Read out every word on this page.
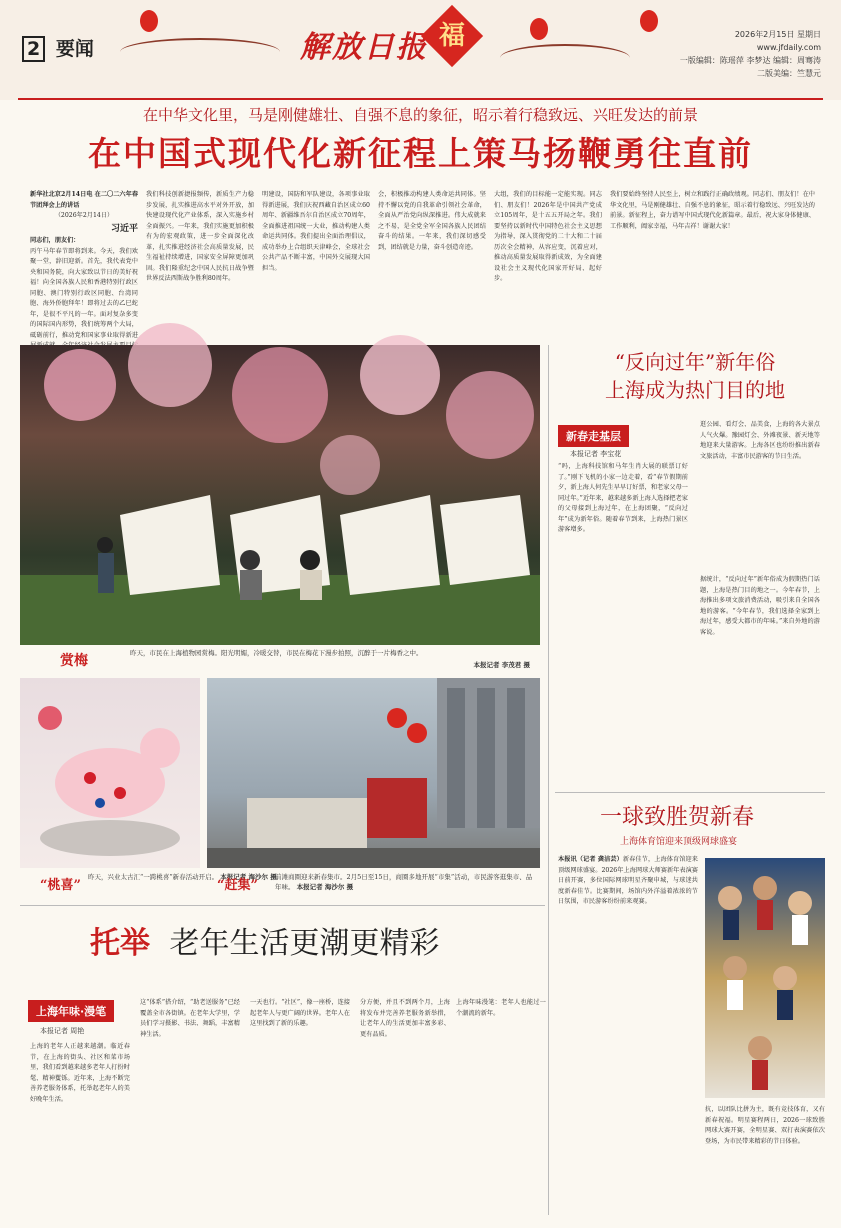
2 要闻	解放日报 福	2026年2月15日 星期日
www.jfdaily.com
一版编辑：陈瑶萍 李梦达 编辑：周骞涛
二版美编：竺慧元
在中华文化里，马是刚健雄壮、自强不息的象征，昭示着行稳致远、兴旺发达的前景
在中国式现代化新征程上策马扬鞭勇往直前
新华社北京2月14日电 在二〇二六年春节团拜会上的讲话
（2026年2月14日）
习近平
同志们，朋友们：
丙午马年春节即将到来。今天，我们欢聚一堂，辞旧迎新。首先，我代表党中央和国务院，向大家致以节日的美好祝福！向全国各族人民和香港特别行政区同胞、澳门特别行政区同胞、台湾同胞、海外侨胞拜年！即将过去的乙巳蛇年，是很不平凡的一年。面对复杂多变的国际国内形势，我们统筹两个大局，砥砺前行，推动党和国家事业取得新进
我们科技创新捷报频传，新质生产力稳步发展，扎实推进高水平对外开放，加快建设现代化产业体系，深入实施乡村全面振兴。一年来，我们实施更加积极有为的宏观政策，进一步全面深化改革，扎实推进经济社会高质量发展，民生福祉持续增进，国家安全屏障更加巩固。我们隆重纪念中国人民抗日战争暨世界反法西斯战争胜利80周年。
明建设，国防和军队建设，各项事业取得新进展，我们庆祝西藏自治区成立60周年、新疆维吾尔自治区成立70周年，全面推进祖国统一大业，推动构建人类命运共同体。我们提出全面治理倡议，成功举办上合组织天津峰会，全球社会公共产品不断丰富，中国外交展现大国担当。
会，积极推动构建人类命运共同体。坚持不懈以党的自我革命引领社会革命，全面从严治党向纵深推进。伟大成就来之不易，是全党全军全国各族人民团结奋斗的结果。一年来，我们深切感受到，团结就是力量，奋斗创造奇迹。
大组，我们的目标能一定能实现。同志们、朋友们！2026年是中国共产党成立105周年，是十五五开局之年。我们要坚持以新时代中国特色社会主义思想为指导，深入贯彻党的二十大和二十届历次全会精神，从容应变，沉着应对，推动高质量发展取得新成效，为全面建设社会主义现代化国家开好局、起好步。
我们要始终坚持人民至上，树立和践行正确政绩观。同志们、朋友们！在中华文化里，马是刚健雄壮、自强不息的象征，昭示着行稳致远、兴旺发达的前景。新征程上，奋力谱写中国式现代化新篇章。最后，祝大家身体健康、工作顺利，阖家幸福，马年吉祥！谢谢大家！
赏梅	昨天，市民在上海植物园赏梅。阳光明媚，冷暖交替，市民在梅花下漫步拍照，沉醉于一片梅香之中。
本报记者 李茂君 摄
“桃喜”
昨天，兴业太古汇“一跨桃喜”新春活动开启。 本报记者 海沙尔 摄
“赶集”
前滩商圈迎来新春集市。2月5日至15日，商圈多地开展“市集”活动，市民游客逛集市、品年味。 本报记者 海沙尔 摄
“反向过年”新年俗
上海成为热门目的地
新春走基层
本报记者 李宝花
“吗，上海科技馆和马年生肖大展的联票订好了。”刚下飞机的小家一边走着，看“春节假期前夕，新上海人何先生早早订好票，和老家父母一同过年。”近年来，越来越多新上海人选择把老家的父母接到上海过年，在上海团聚，“反向过年”成为新年俗。随着春节到来，上海热门景区游客增多。
逛公园、看灯会、品美食，上海的各大景点人气火爆。豫园灯会、外滩夜景、新天地等地迎来大量游客。上海各区也纷纷推出新春文旅活动，丰富市民游客的节日生活。
据统计，“反向过年”新年俗成为假期热门话题，上海是热门目的地之一。今年春节，上海推出多项文旅消费活动，吸引来自全国各地的游客。“今年春节，我们选择全家到上海过年，感受大都市的年味。”来自外地的游客说。
一球致胜贺新春
上海体育馆迎来顶级网球盛宴
本报讯（记者 龚洁芸）新春佳节，上海体育馆迎来顶级网球盛宴。2026年上海网球大师赛新年表演赛日前开赛，多位国际网球明星齐聚申城，与球迷共度新春佳节。比赛期间，场馆内外洋溢着浓浓的节日氛围，市民游客纷纷前来观赛。
抗，以团队比拼为主，既有竞技体育，又有新春祝福。明星赛程两日，2026一球致胜网球大赛开赛，全明星赛、双打表演赛依次登场，为市民带来精彩的节日体验。
托举 老年生活更潮更精彩
上海年味·漫笔
本报记者 周艳
上海的老年人正越来越潮。临近春节，在上海的街头、社区和菜市场里，我们看到越来越多老年人打扮时髦、精神矍铄。近年来，上海不断完善养老服务体系，托举起老年人的美好晚年生活。
这“体系”搭介绍，“助老送服务”已经覆盖全市各街镇。在老年大学里，学员们学习摄影、书法、舞蹈，丰富精神生活。
一天也行。“社区”，像一座桥，连接起老年人与更广阔的世界。老年人在这里找到了新的乐趣。
分方便，并且不到两个月，上海将发布并完善养老服务新举措，让老年人的生活更加丰富多彩、更有品质。
上海年味漫笔：老年人也能过一个潮流的新年。
